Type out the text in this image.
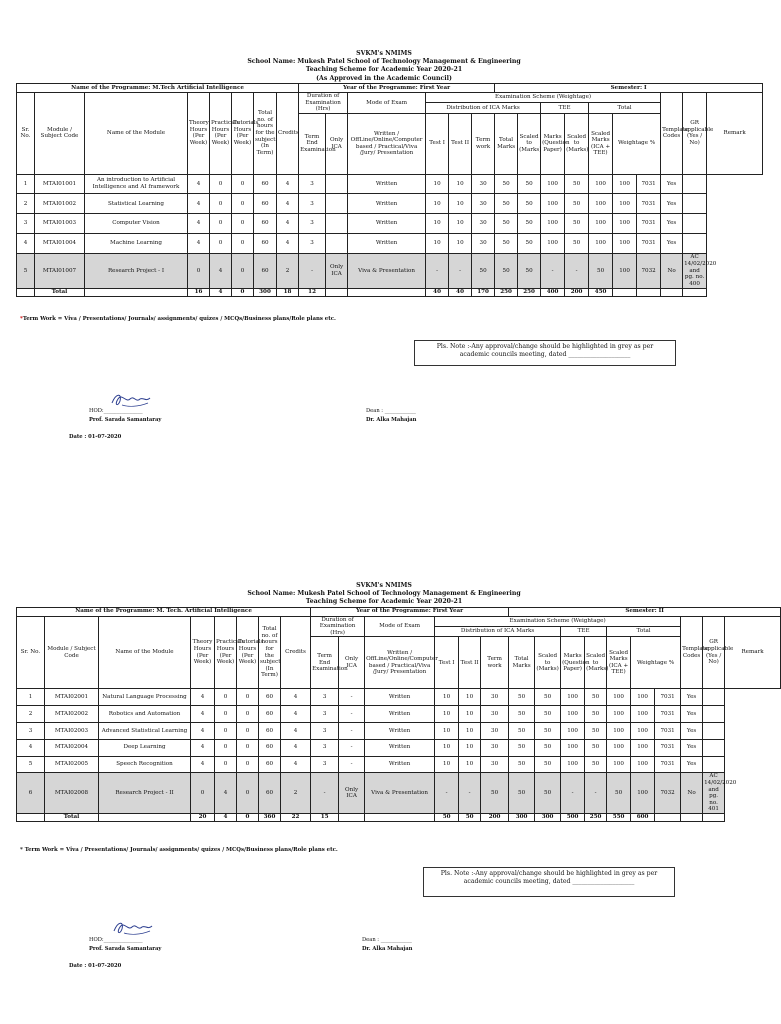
SVKM's NMIMS
School Name: Mukesh Patel School of Technology Management & Engineering
Teaching Scheme for Academic Year 2020-21
(As Approved in the Academic Council)
Name of the Programme: M.Tech Artificial Intelligence								Year of the Programme: First Year						Semester: I									
Sr. No.	Module / Subject Code	Name of the Module	Theory Hours (Per Week)	Practicals Hours (Per Week)	Tutorials Hours (Per Week)	Total no. of hours for the subject (In Term)	Credits	Duration of Examination (Hrs)		Mode of Exam	Examination Scheme (Weightage)										Template Codes	GR applicable (Yes / No)	Remark
											Distribution of ICA Marks					TEE		Total					
								Term End Examination	Only ICA	Written / OffLine/Online/Computer based / Practical/Viva /Jury/ Presentation	Test I	Test II	Term work	Total Marks	Scaled to (Marks)	Marks (Question Paper)	Scaled to (Marks)	Scaled Marks (ICA + TEE)	Weightage %				
1	MTAI01001	An introduction to Artificial Intelligence and AI framework	4	0	0	60	4	3		Written	10	10	30	50	50	100	50	100	100	7031	Yes		
2	MTAI01002	Statistical Learning	4	0	0	60	4	3		Written	10	10	30	50	50	100	50	100	100	7031	Yes		
3	MTAI01003	Computer Vision	4	0	0	60	4	3		Written	10	10	30	50	50	100	50	100	100	7031	Yes		
4	MTAI01004	Machine Learning	4	0	0	60	4	3		Written	10	10	30	50	50	100	50	100	100	7031	Yes		
5	MTAI01007	Research Project - I	0	4	0	60	2	-	Only ICA	Viva & Presentation	-	-	50	50	50	-	-	50	100	7032	No	AC 14/02/2020 and pg. no. 400	
	Total		16	4	0	300	18	12			40	40	170	250	250	400	200	450					
*Term Work = Viva / Presentations/ Journals/ assignments/ quizes / MCQs/Business plans/Role plans etc.
Pls. Note :-Any approval/change should be highlighted in grey as per academic councils meeting, dated ____________________
HOD:_______________
Prof. Sarada Samantaray
Dean : ____________
Dr. Alka Mahajan
Date : 01-07-2020
SVKM's NMIMS
School Name: Mukesh Patel School of Technology Management & Engineering
Teaching Scheme for Academic Year 2020-21
Name of the Programme: M. Tech. Artificial Intelligence								Year of the Programme: First Year						Semester: II									
Sr. No.	Module / Subject Code	Name of the Module	Theory Hours (Per Week)	Practicals Hours (Per Week)	Tutorials Hours (Per Week)	Total no. of hours for the subject (In Term)	Credits	Duration of Examination (Hrs)		Mode of Exam	Examination Scheme (Weightage)										Template Codes	GR applicable (Yes / No)	Remark
											Distribution of ICA Marks					TEE		Total					
								Term End Examination	Only ICA	Written / OffLine/Online/Computer based / Practical/Viva /Jury/ Presentation	Test I	Test II	Term work	Total Marks	Scaled to (Marks)	Marks (Question Paper)	Scaled to (Marks)	Scaled Marks (ICA + TEE)	Weightage %				
1	MTAI02001	Natural Language Processing	4	0	0	60	4	3	-	Written	10	10	30	50	50	100	50	100	100	7031	Yes		
2	MTAI02002	Robotics and Automation	4	0	0	60	4	3	-	Written	10	10	30	50	50	100	50	100	100	7031	Yes		
3	MTAI02003	Advanced Statistical Learning	4	0	0	60	4	3	-	Written	10	10	30	50	50	100	50	100	100	7031	Yes		
4	MTAI02004	Deep Learning	4	0	0	60	4	3	-	Written	10	10	30	50	50	100	50	100	100	7031	Yes		
5	MTAI02005	Speech Recognition	4	0	0	60	4	3	-	Written	10	10	30	50	50	100	50	100	100	7031	Yes		
6	MTAI02008	Research Project - II	0	4	0	60	2	-	Only ICA	Viva & Presentation	-	-	50	50	50	-	-	50	100	7032	No	AC 14/02/2020 and pg. no. 401	
	Total		20	4	0	360	22	15			50	50	200	300	300	500	250	550	600				
* Term Work = Viva / Presentations/ Journals/ assignments/ quizes / MCQs/Business plans/Role plans etc.
Pls. Note :-Any approval/change should be highlighted in grey as per academic councils meeting, dated ____________________
HOD:_______________
Prof. Sarada Samantaray
Dean : ____________
Dr. Alka Mahajan
Date : 01-07-2020
